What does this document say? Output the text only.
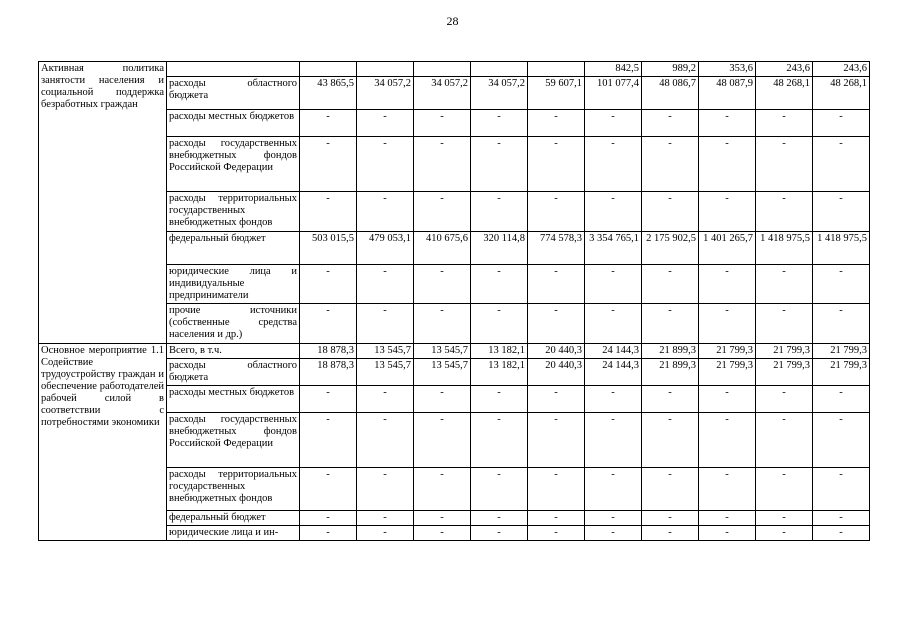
28
Активная политика занятости населения и социальной поддержка безработных граждан							842,5	989,2	353,6	243,6	243,6
	расходы областного бюджета	43 865,5	34 057,2	34 057,2	34 057,2	59 607,1	101 077,4	48 086,7	48 087,9	48 268,1	48 268,1
	расходы местных бюджетов	-	-	-	-	-	-	-	-	-	-
	расходы государственных внебюджетных фондов Российской Федерации	-	-	-	-	-	-	-	-	-	-
	расходы территориальных государственных внебюджетных фондов	-	-	-	-	-	-	-	-	-	-
	федеральный бюджет	503 015,5	479 053,1	410 675,6	320 114,8	774 578,3	3 354 765,1	2 175 902,5	1 401 265,7	1 418 975,5	1 418 975,5
	юридические лица и индивидуальные предприниматели	-	-	-	-	-	-	-	-	-	-
	прочие источники (собственные средства населения и др.)	-	-	-	-	-	-	-	-	-	-
Основное мероприятие 1.1 Содействие трудоустройству граждан и обеспечение работодателей рабочей силой в соответствии с потребностями экономики	Всего, в т.ч.	18 878,3	13 545,7	13 545,7	13 182,1	20 440,3	24 144,3	21 899,3	21 799,3	21 799,3	21 799,3
	расходы областного бюджета	18 878,3	13 545,7	13 545,7	13 182,1	20 440,3	24 144,3	21 899,3	21 799,3	21 799,3	21 799,3
	расходы местных бюджетов	-	-	-	-	-	-	-	-	-	-
	расходы государственных внебюджетных фондов Российской Федерации	-	-	-	-	-	-	-	-	-	-
	расходы территориальных государственных внебюджетных фондов	-	-	-	-	-	-	-	-	-	-
	федеральный бюджет	-	-	-	-	-	-	-	-	-	-
	юридические лица и ин-	-	-	-	-	-	-	-	-	-	-
